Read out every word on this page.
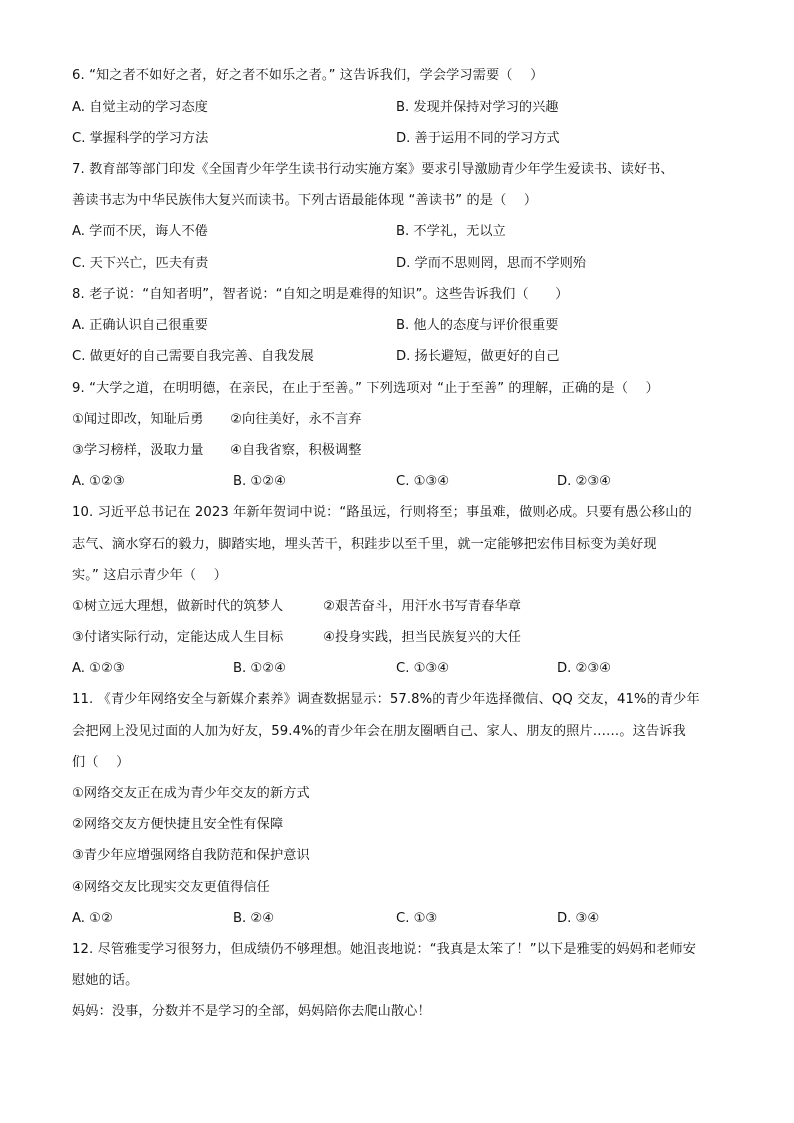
6. “知之者不如好之者，好之者不如乐之者。” 这告诉我们，学会学习需要（　 ）
A. 自觉主动的学习态度	B. 发现并保持对学习的兴趣
C. 掌握科学的学习方法	D. 善于运用不同的学习方式
7. 教育部等部门印发《全国青少年学生读书行动实施方案》要求引导激励青少年学生爱读书、读好书、
善读书志为中华民族伟大复兴而读书。下列古语最能体现 “善读书” 的是（　 ）
A. 学而不厌，诲人不倦	B. 不学礼，无以立
C. 天下兴亡，匹夫有责	D. 学而不思则罔，思而不学则殆
8. 老子说：“自知者明”，智者说：“自知之明是难得的知识”。这些告诉我们（　　）
A. 正确认识自己很重要	B. 他人的态度与评价很重要
C. 做更好的自己需要自我完善、自我发展	D. 扬长避短，做更好的自己
9. “大学之道，在明明德，在亲民，在止于至善。” 下列选项对 “止于至善” 的理解，正确的是（　 ）
①闻过即改，知耻后勇　　②向往美好，永不言弃
③学习榜样，汲取力量　　④自我省察，积极调整
A. ①②③	B. ①②④	C. ①③④	D. ②③④
10. 习近平总书记在 2023 年新年贺词中说：“路虽远，行则将至；事虽难，做则必成。只要有愚公移山的
志气、滴水穿石的毅力，脚踏实地，埋头苦干，积跬步以至千里，就一定能够把宏伟目标变为美好现
实。” 这启示青少年（　 ）
①树立远大理想，做新时代的筑梦人　　　②艰苦奋斗，用汗水书写青春华章
③付诸实际行动，定能达成人生目标　　　④投身实践，担当民族复兴的大任
A. ①②③	B. ①②④	C. ①③④	D. ②③④
11. 《青少年网络安全与新媒介素养》调查数据显示：57.8%的青少年选择微信、QQ 交友，41%的青少年
会把网上没见过面的人加为好友，59.4%的青少年会在朋友圈晒自己、家人、朋友的照片……。这告诉我
们（　 ）
①网络交友正在成为青少年交友的新方式
②网络交友方便快捷且安全性有保障
③青少年应增强网络自我防范和保护意识
④网络交友比现实交友更值得信任
A. ①②	B. ②④	C. ①③	D. ③④
12. 尽管雅雯学习很努力，但成绩仍不够理想。她沮丧地说：“我真是太笨了！”以下是雅雯的妈妈和老师安
慰她的话。
妈妈：没事，分数并不是学习的全部，妈妈陪你去爬山散心！
